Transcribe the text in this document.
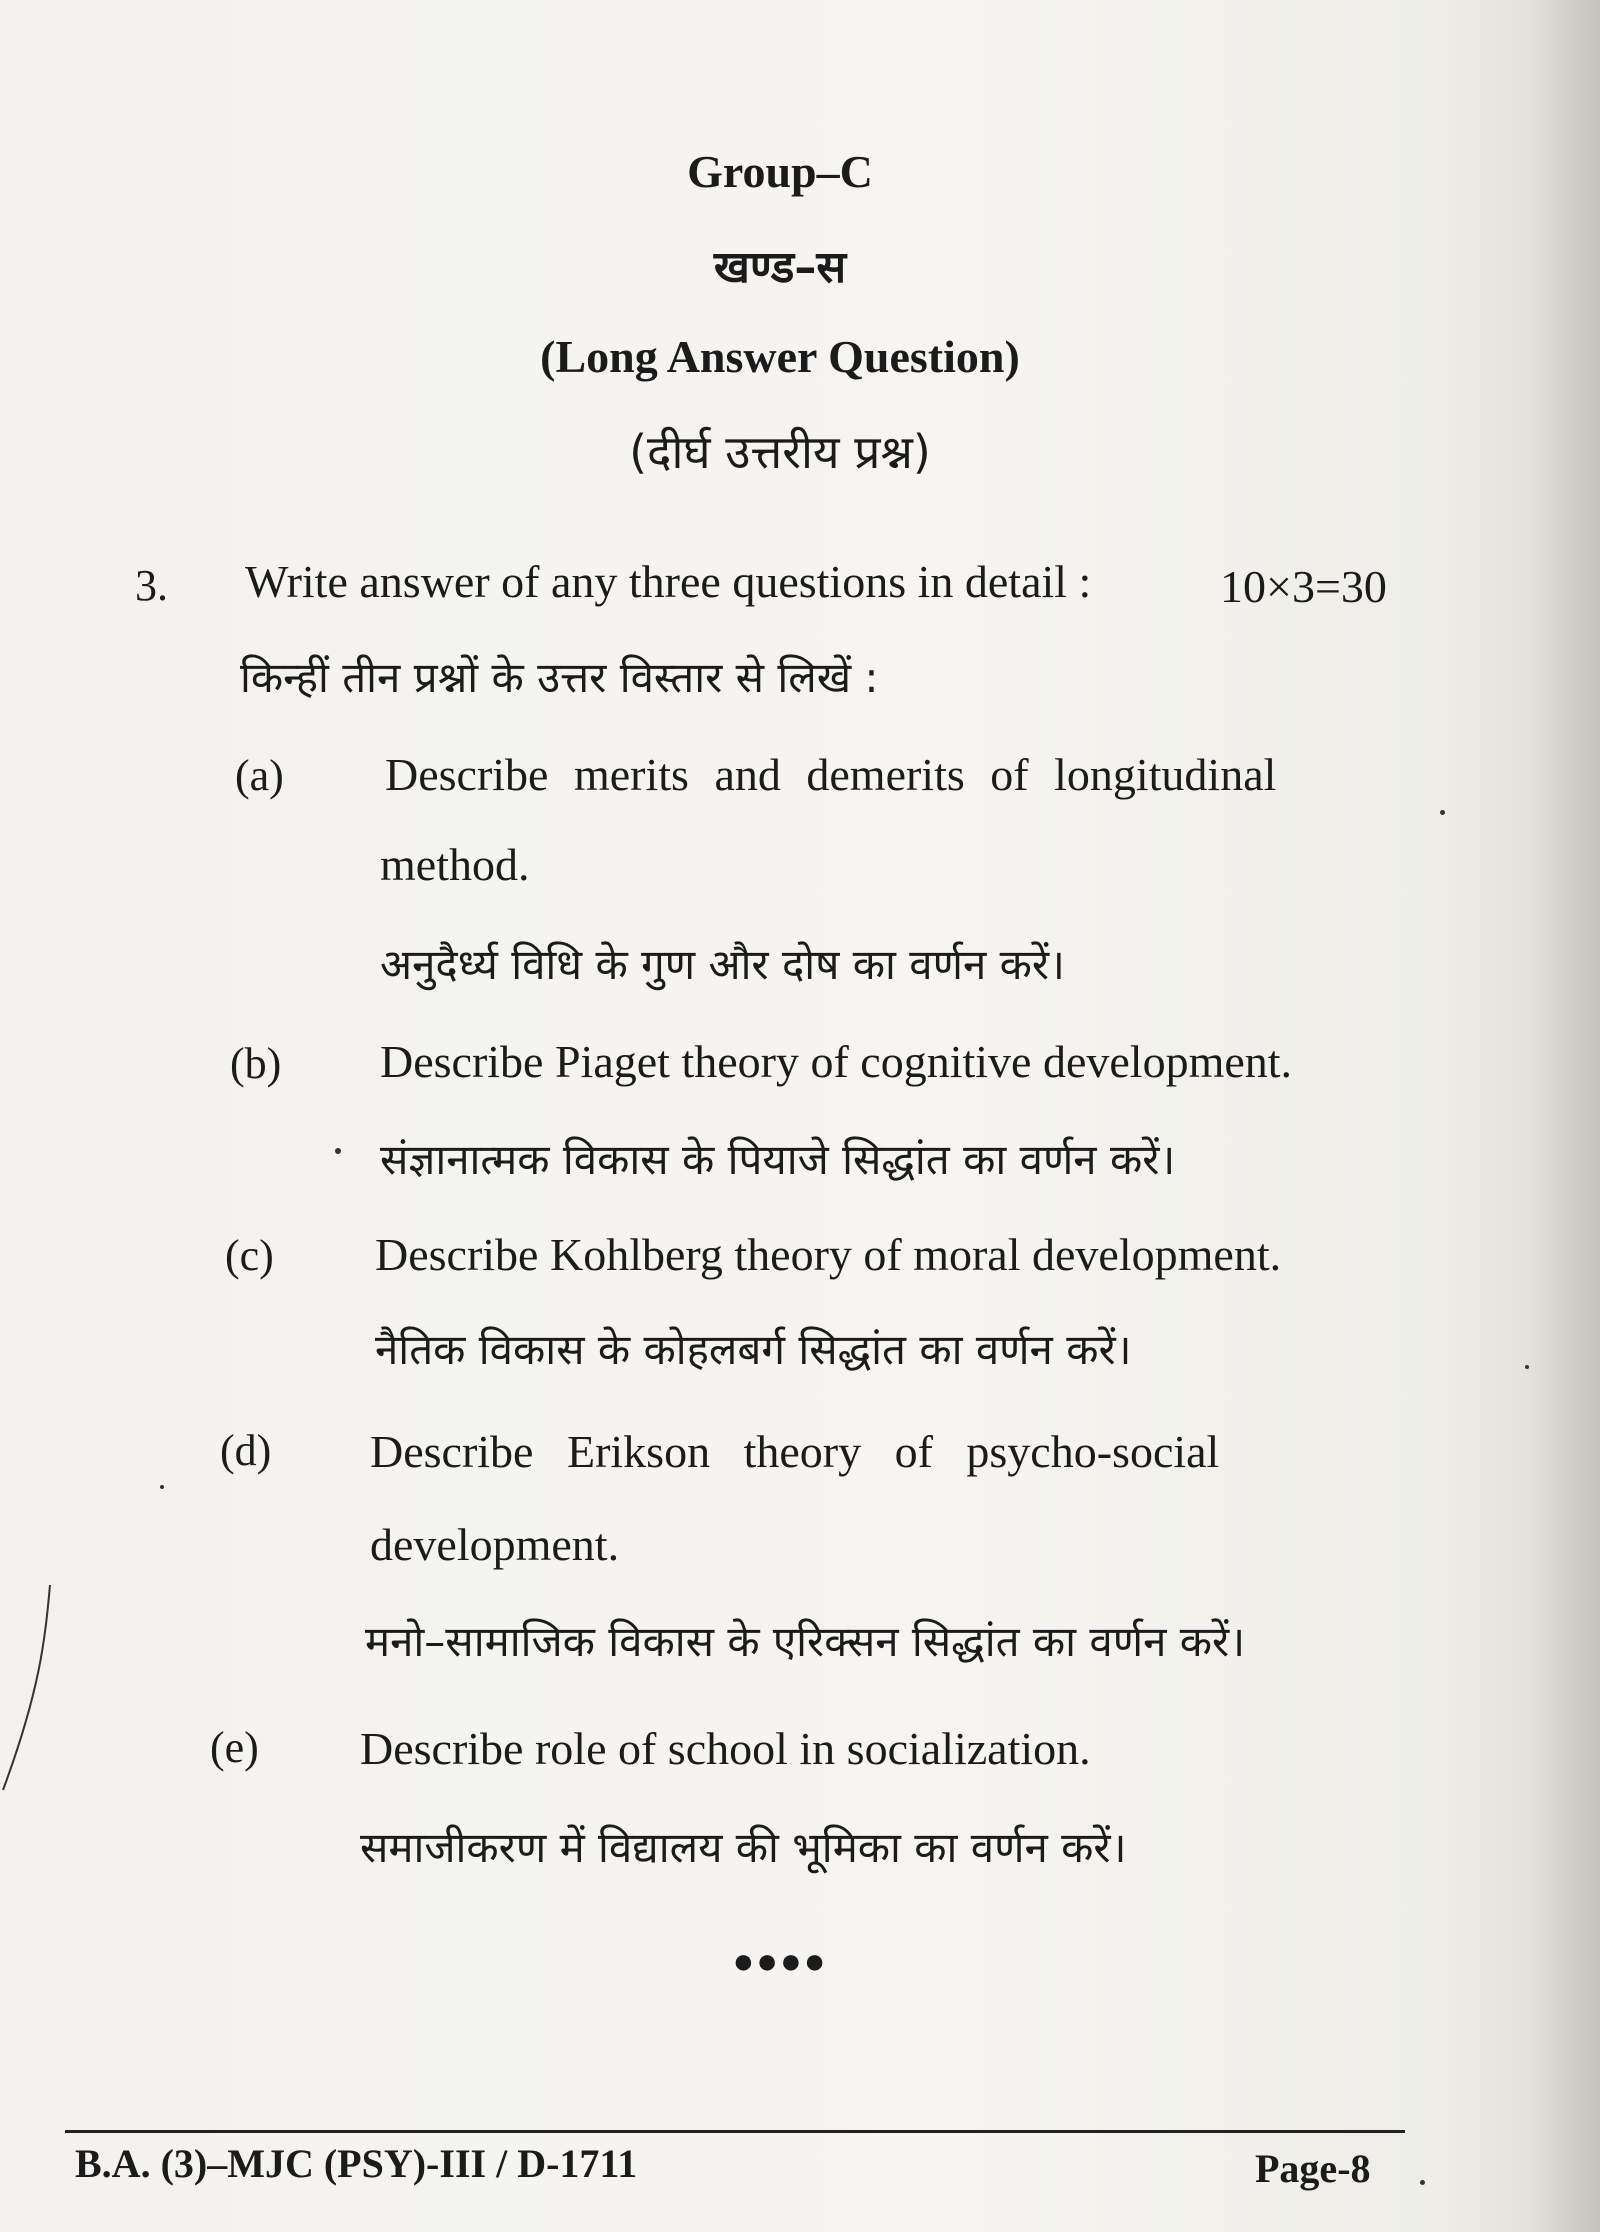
Group–C
खण्ड–स
(Long Answer Question)
(दीर्घ उत्तरीय प्रश्न)
3. Write answer of any three questions in detail :	10×3=30
किन्हीं तीन प्रश्नों के उत्तर विस्तार से लिखें :
(a) Describe merits and demerits of longitudinal
method.
अनुदैर्ध्य विधि के गुण और दोष का वर्णन करें।
(b) Describe Piaget theory of cognitive development.
संज्ञानात्मक विकास के पियाजे सिद्धांत का वर्णन करें।
(c) Describe Kohlberg theory of moral development.
नैतिक विकास के कोहलबर्ग सिद्धांत का वर्णन करें।
(d) Describe Erikson theory of psycho-social
development.
मनो–सामाजिक विकास के एरिक्सन सिद्धांत का वर्णन करें।
(e) Describe role of school in socialization.
समाजीकरण में विद्यालय की भूमिका का वर्णन करें।
●●●●
B.A. (3)–MJC (PSY)-III / D-1711	Page-8
